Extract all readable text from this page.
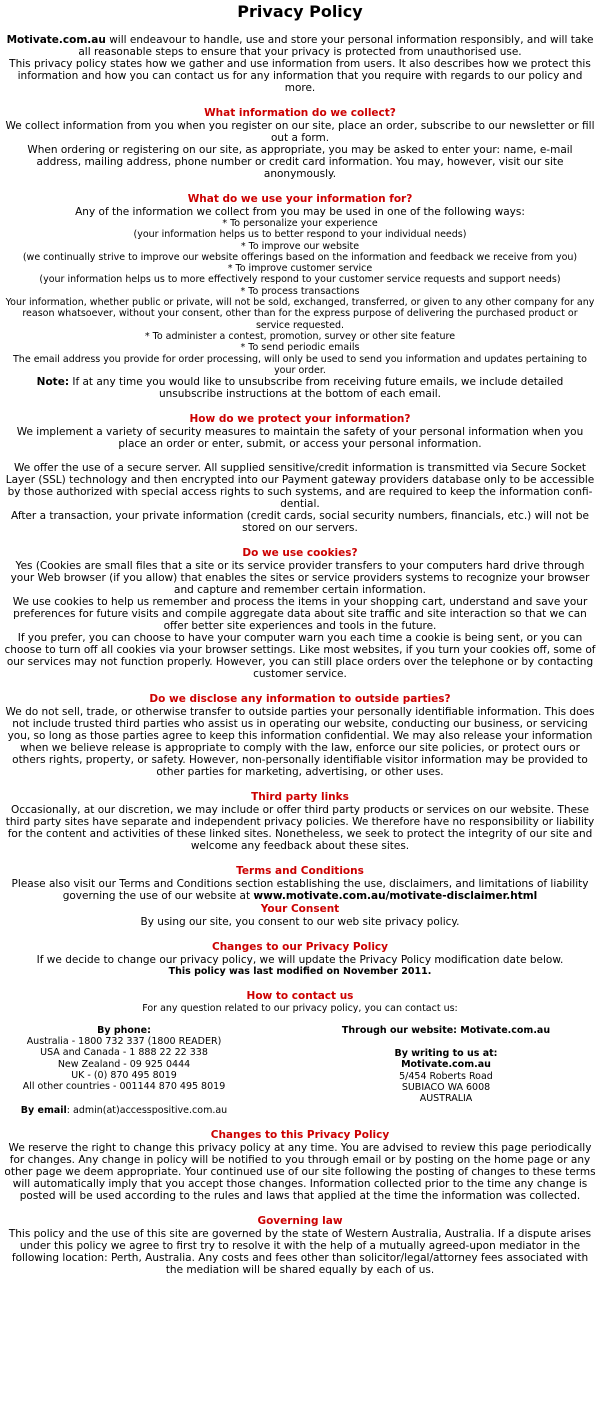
Privacy Policy

Motivate.com.au will endeavour to handle, use and store your personal information responsibly, and will take all reasonable steps to ensure that your privacy is protected from unauthorised use.

This privacy policy states how we gather and use information from users. It also describes how we protect this information and how you can contact us for any information that you require with regards to our policy and more.

What information do we collect?

We collect information from you when you register on our site, place an order, subscribe to our newsletter or fill out a form.

When ordering or registering on our site, as appropriate, you may be asked to enter your: name, e-mail address, mailing address, phone number or credit card information. You may, however, visit our site anonymously.

What do we use your information for?

Any of the information we collect from you may be used in one of the following ways:

* To personalize your experience

(your information helps us to better respond to your individual needs)

* To improve our website

(we continually strive to improve our website offerings based on the information and feedback we receive from you)

* To improve customer service

(your information helps us to more effectively respond to your customer service requests and support needs)

* To process transactions

Your information, whether public or private, will not be sold, exchanged, transferred, or given to any other company for any reason whatsoever, without your consent, other than for the express purpose of delivering the purchased product or service requested.

* To administer a contest, promotion, survey or other site feature

* To send periodic emails

The email address you provide for order processing, will only be used to send you information and updates pertaining to your order.

Note: If at any time you would like to unsubscribe from receiving future emails, we include detailed unsubscribe instructions at the bottom of each email.

How do we protect your information?

We implement a variety of security measures to maintain the safety of your personal information when you place an order or enter, submit, or access your personal information.

We offer the use of a secure server. All supplied sensitive/credit information is transmitted via Secure Socket Layer (SSL) technology and then encrypted into our Payment gateway providers database only to be accessible by those authorized with special access rights to such systems, and are required to keep the information confi-dential.

After a transaction, your private information (credit cards, social security numbers, financials, etc.) will not be stored on our servers.

Do we use cookies?

Yes (Cookies are small files that a site or its service provider transfers to your computers hard drive through your Web browser (if you allow) that enables the sites or service providers systems to recognize your browser and capture and remember certain information.

We use cookies to help us remember and process the items in your shopping cart, understand and save your preferences for future visits and compile aggregate data about site traffic and site interaction so that we can offer better site experiences and tools in the future.

If you prefer, you can choose to have your computer warn you each time a cookie is being sent, or you can choose to turn off all cookies via your browser settings. Like most websites, if you turn your cookies off, some of our services may not function properly. However, you can still place orders over the telephone or by contacting customer service.

Do we disclose any information to outside parties?

We do not sell, trade, or otherwise transfer to outside parties your personally identifiable information. This does not include trusted third parties who assist us in operating our website, conducting our business, or servicing you, so long as those parties agree to keep this information confidential. We may also release your information when we believe release is appropriate to comply with the law, enforce our site policies, or protect ours or others rights, property, or safety. However, non-personally identifiable visitor information may be provided to other parties for marketing, advertising, or other uses.

Third party links

Occasionally, at our discretion, we may include or offer third party products or services on our website. These third party sites have separate and independent privacy policies. We therefore have no responsibility or liability for the content and activities of these linked sites. Nonetheless, we seek to protect the integrity of our site and welcome any feedback about these sites.

Terms and Conditions

Please also visit our Terms and Conditions section establishing the use, disclaimers, and limitations of liability governing the use of our website at www.motivate.com.au/motivate-disclaimer.html

Your Consent

By using our site, you consent to our web site privacy policy.

Changes to our Privacy Policy

If we decide to change our privacy policy, we will update the Privacy Policy modification date below.

This policy was last modified on November 2011.

How to contact us

For any question related to our privacy policy, you can contact us:

By phone:

Australia - 1800 732 337 (1800 READER)

USA and Canada - 1 888 22 22 338

New Zealand - 09 925 0444

UK - (0) 870 495 8019

All other countries - 001144 870 495 8019

By email: admin(at)accesspositive.com.au

Through our website: Motivate.com.au

By writing to us at:

Motivate.com.au

5/454 Roberts Road

SUBIACO WA 6008

AUSTRALIA

Changes to this Privacy Policy

We reserve the right to change this privacy policy at any time. You are advised to review this page periodically for changes. Any change in policy will be notified to you through email or by posting on the home page or any other page we deem appropriate. Your continued use of our site following the posting of changes to these terms will automatically imply that you accept those changes. Information collected prior to the time any change is posted will be used according to the rules and laws that applied at the time the information was collected.

Governing law

This policy and the use of this site are governed by the state of Western Australia, Australia. If a dispute arises under this policy we agree to first try to resolve it with the help of a mutually agreed-upon mediator in the following location: Perth, Australia. Any costs and fees other than solicitor/legal/attorney fees associated with the mediation will be shared equally by each of us.
